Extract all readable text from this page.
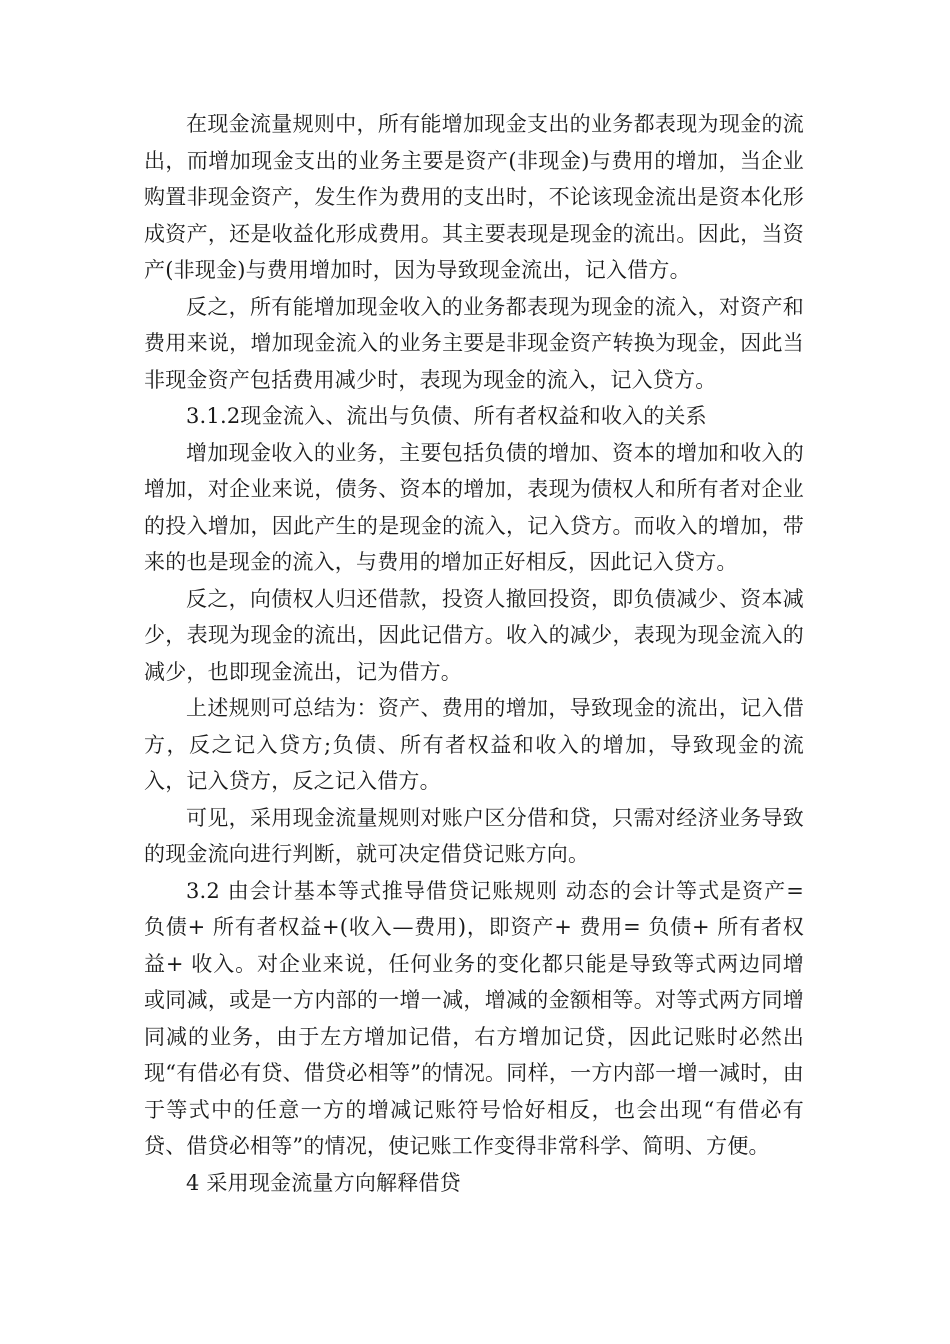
在现金流量规则中，所有能增加现金支出的业务都表现为现金的流出，而增加现金支出的业务主要是资产(非现金)与费用的增加，当企业购置非现金资产，发生作为费用的支出时，不论该现金流出是资本化形成资产，还是收益化形成费用。其主要表现是现金的流出。因此，当资产(非现金)与费用增加时，因为导致现金流出，记入借方。

反之，所有能增加现金收入的业务都表现为现金的流入，对资产和费用来说，增加现金流入的业务主要是非现金资产转换为现金，因此当非现金资产包括费用减少时，表现为现金的流入，记入贷方。

3.1.2现金流入、流出与负债、所有者权益和收入的关系

增加现金收入的业务，主要包括负债的增加、资本的增加和收入的增加，对企业来说，债务、资本的增加，表现为债权人和所有者对企业的投入增加，因此产生的是现金的流入，记入贷方。而收入的增加，带来的也是现金的流入，与费用的增加正好相反，因此记入贷方。

反之，向债权人归还借款，投资人撤回投资，即负债减少、资本减少，表现为现金的流出，因此记借方。收入的减少，表现为现金流入的减少，也即现金流出，记为借方。

上述规则可总结为：资产、费用的增加，导致现金的流出，记入借方，反之记入贷方;负债、所有者权益和收入的增加，导致现金的流入，记入贷方，反之记入借方。

可见，采用现金流量规则对账户区分借和贷，只需对经济业务导致的现金流向进行判断，就可决定借贷记账方向。

3.2 由会计基本等式推导借贷记账规则 动态的会计等式是资产= 负债+ 所有者权益+(收入—费用)，即资产+ 费用= 负债+ 所有者权益+ 收入。对企业来说，任何业务的变化都只能是导致等式两边同增或同减，或是一方内部的一增一减，增减的金额相等。对等式两方同增同减的业务，由于左方增加记借，右方增加记贷，因此记账时必然出现“有借必有贷、借贷必相等”的情况。同样，一方内部一增一减时，由于等式中的任意一方的增减记账符号恰好相反，也会出现“有借必有贷、借贷必相等”的情况，使记账工作变得非常科学、简明、方便。

4 采用现金流量方向解释借贷
